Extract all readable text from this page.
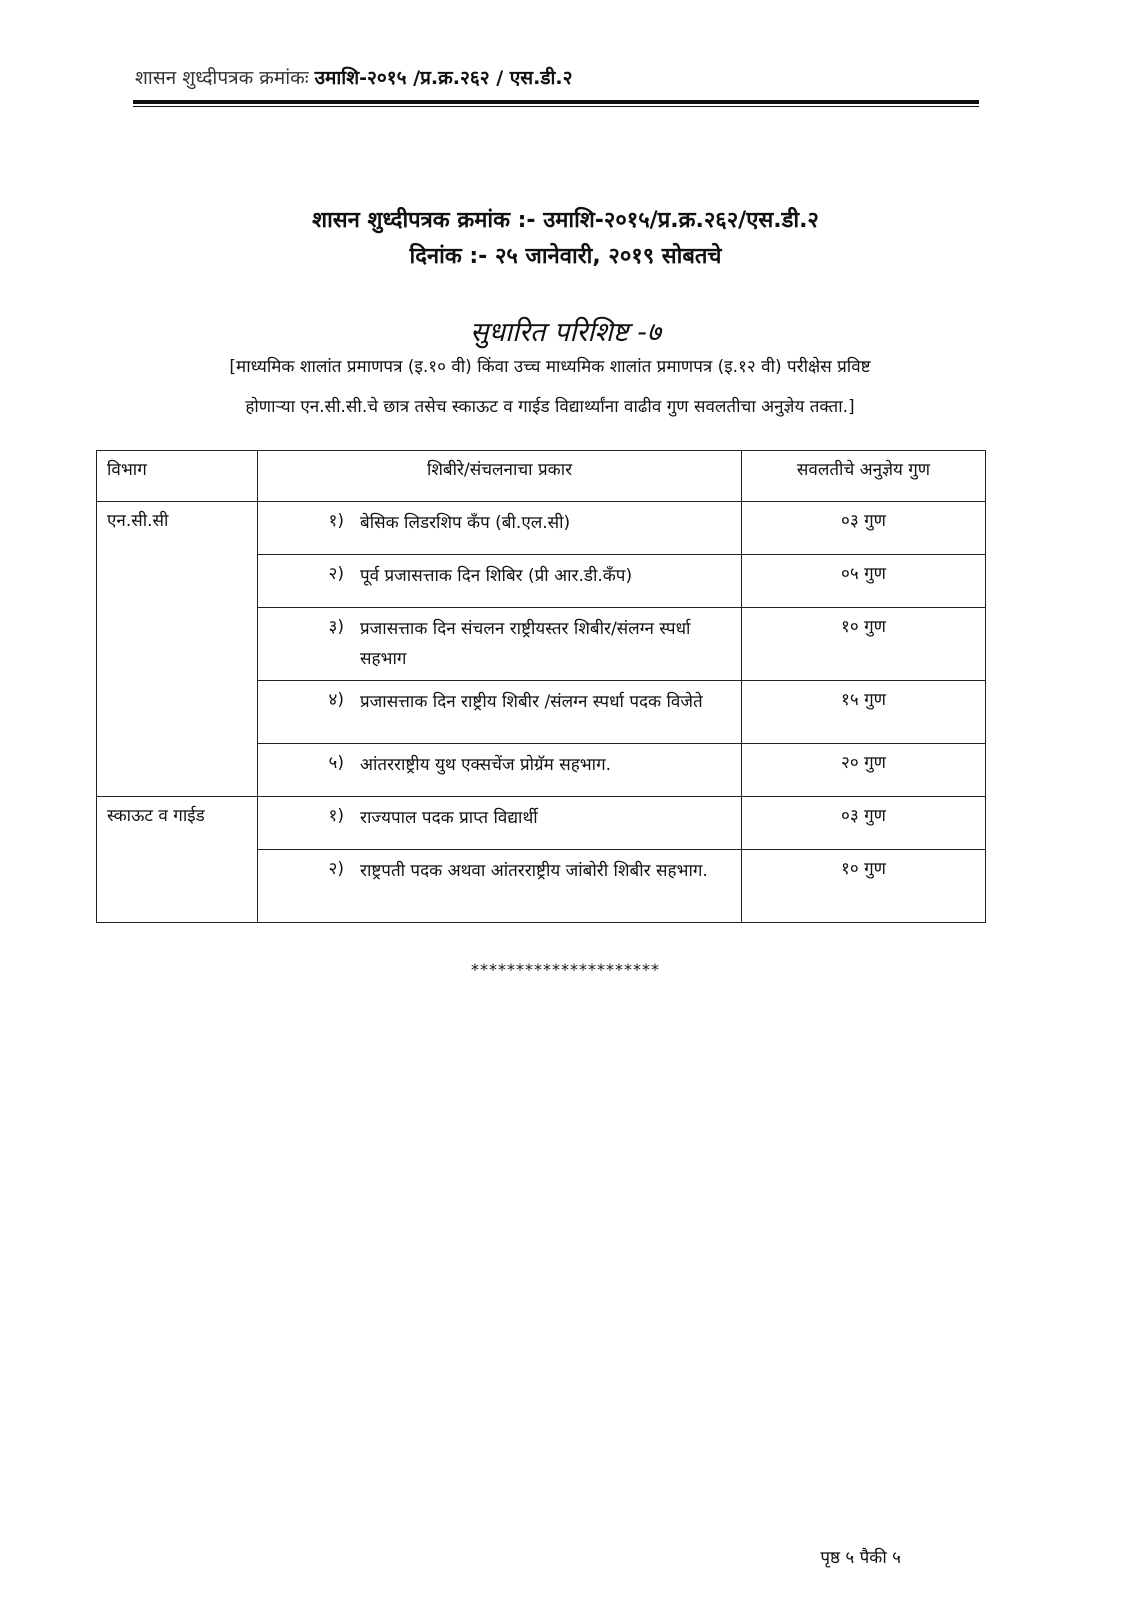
शासन शुध्दीपत्रक क्रमांकः उमाशि-२०१५ /प्र.क्र.२६२ / एस.डी.२
शासन शुध्दीपत्रक क्रमांक :- उमाशि-२०१५/प्र.क्र.२६२/एस.डी.२
दिनांक :- २५ जानेवारी, २०१९ सोबतचे
सुधारित परिशिष्ट -७
[माध्यमिक शालांत प्रमाणपत्र (इ.१० वी) किंवा उच्च माध्यमिक शालांत प्रमाणपत्र (इ.१२ वी) परीक्षेस प्रविष्ट
होणाऱ्या एन.सी.सी.चे छात्र तसेच स्काऊट व गाईड विद्यार्थ्यांना वाढीव गुण सवलतीचा अनुज्ञेय तक्ता.]
विभाग	शिबीरे/संचलनाचा प्रकार	सवलतीचे अनुज्ञेय गुण
एन.सी.सी	१) बेसिक लिडरशिप कॅंप (बी.एल.सी)	०३ गुण

	२) पूर्व प्रजासत्ताक दिन शिबिर (प्री आर.डी.कॅंप)	०५ गुण

	३) प्रजासत्ताक दिन संचलन राष्ट्रीयस्तर शिबीर/संलग्न स्पर्धा सहभाग	१० गुण

	४) प्रजासत्ताक दिन राष्ट्रीय शिबीर /संलग्न स्पर्धा पदक विजेते	१५ गुण

	५) आंतरराष्ट्रीय युथ एक्सचेंज प्रोग्रॅम सहभाग.	२० गुण
स्काऊट व गाईड	१) राज्यपाल पदक प्राप्त विद्यार्थी	०३ गुण

	२) राष्ट्रपती पदक अथवा आंतरराष्ट्रीय जांबोरी शिबीर सहभाग.	१० गुण
*********************
पृष्ठ ५ पैकी ५
